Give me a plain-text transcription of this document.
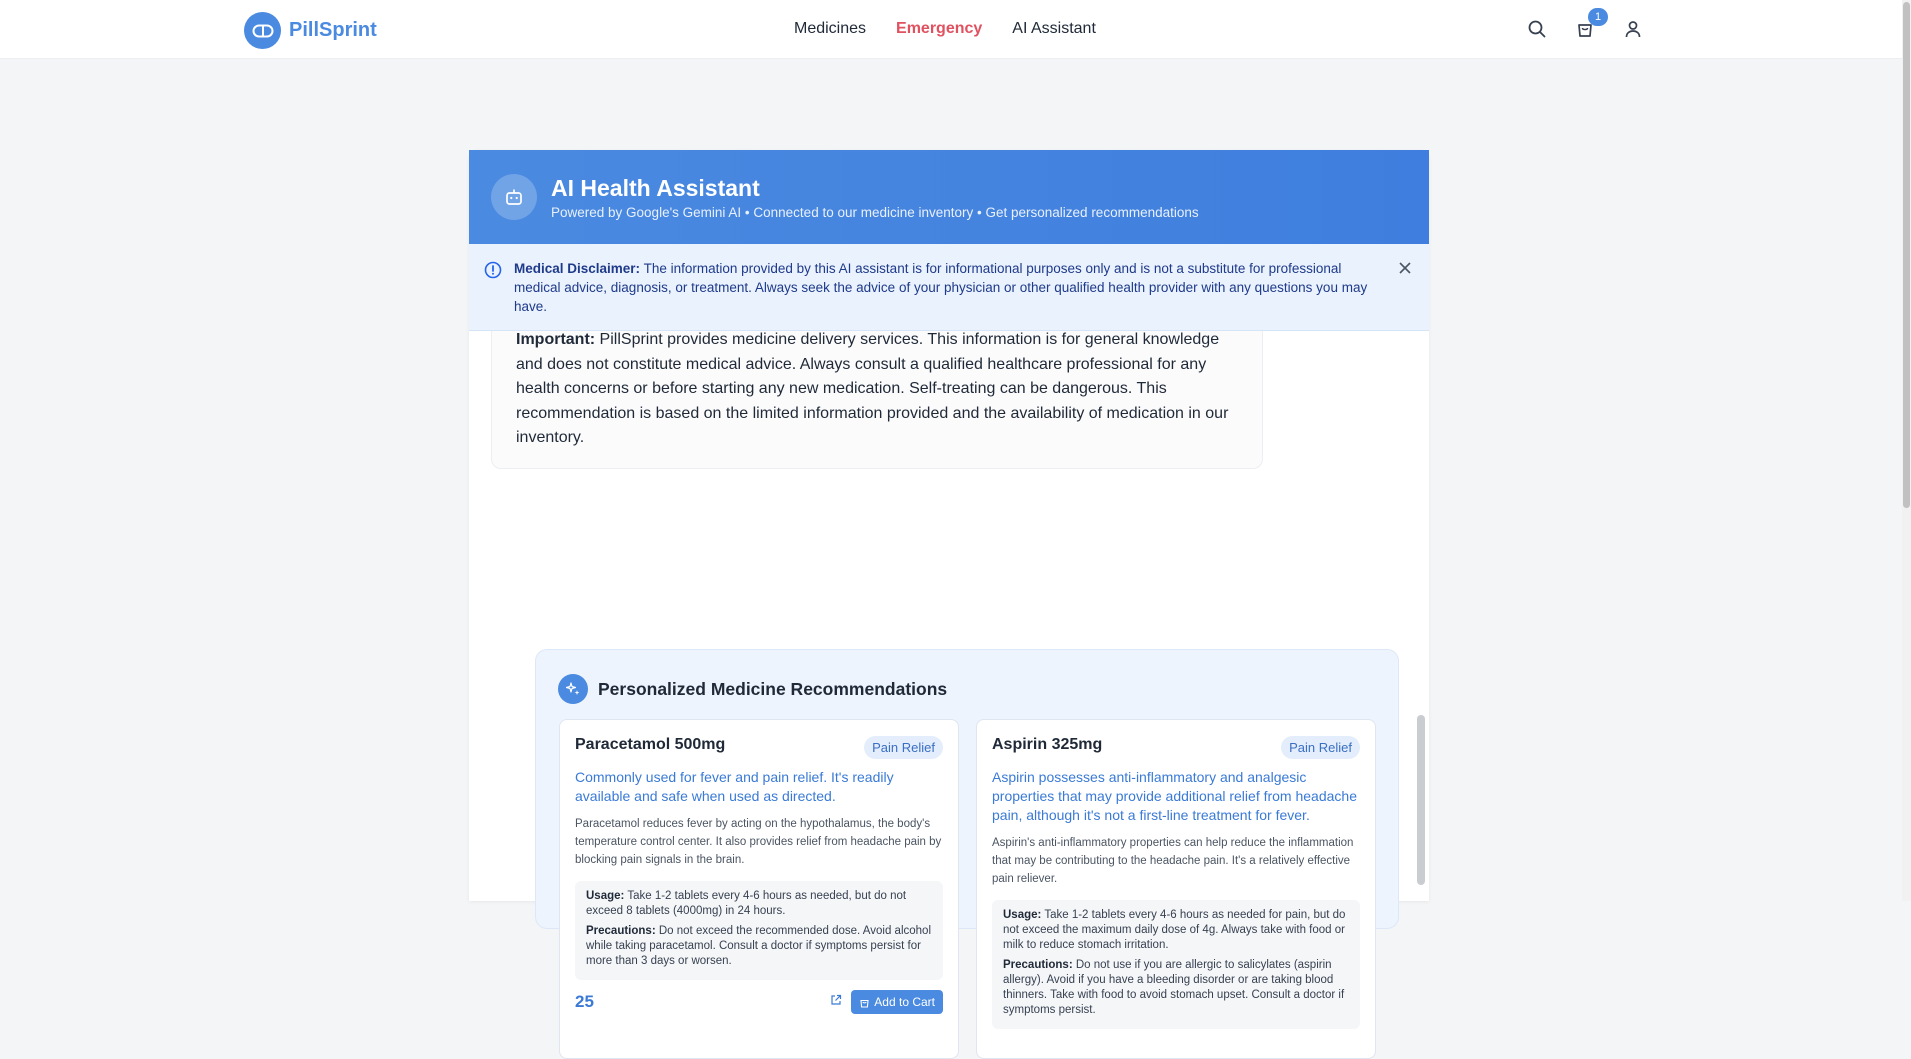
PillSprint	Medicines Emergency AI Assistant
1
AI Health Assistant

Powered by Google's Gemini AI • Connected to our medicine inventory • Get personalized recommendations

Medical Disclaimer: The information provided by this AI assistant is for informational purposes only and is not a substitute for professional medical advice, diagnosis, or treatment. Always seek the advice of your physician or other qualified health provider with any questions you may have.

Important: PillSprint provides medicine delivery services. This information is for general knowledge and does not constitute medical advice. Always consult a qualified healthcare professional for any health concerns or before starting any new medication. Self-treating can be dangerous. This recommendation is based on the limited information provided and the availability of medication in our inventory.

Personalized Medicine Recommendations
Paracetamol 500mg	Pain Relief

Commonly used for fever and pain relief. It's readily available and safe when used as directed.

Paracetamol reduces fever by acting on the hypothalamus, the body's temperature control center. It also provides relief from headache pain by blocking pain signals in the brain.

Usage: Take 1-2 tablets every 4-6 hours as needed, but do not exceed 8 tablets (4000mg) in 24 hours.

Precautions: Do not exceed the recommended dose. Avoid alcohol while taking paracetamol. Consult a doctor if symptoms persist for more than 3 days or worsen.

25	Add to Cart
Aspirin 325mg	Pain Relief

Aspirin possesses anti-inflammatory and analgesic properties that may provide additional relief from headache pain, although it's not a first-line treatment for fever.

Aspirin's anti-inflammatory properties can help reduce the inflammation that may be contributing to the headache pain. It's a relatively effective pain reliever.

Usage: Take 1-2 tablets every 4-6 hours as needed for pain, but do not exceed the maximum daily dose of 4g. Always take with food or milk to reduce stomach irritation.

Precautions: Do not use if you are allergic to salicylates (aspirin allergy). Avoid if you have a bleeding disorder or are taking blood thinners. Take with food to avoid stomach upset. Consult a doctor if symptoms persist.
